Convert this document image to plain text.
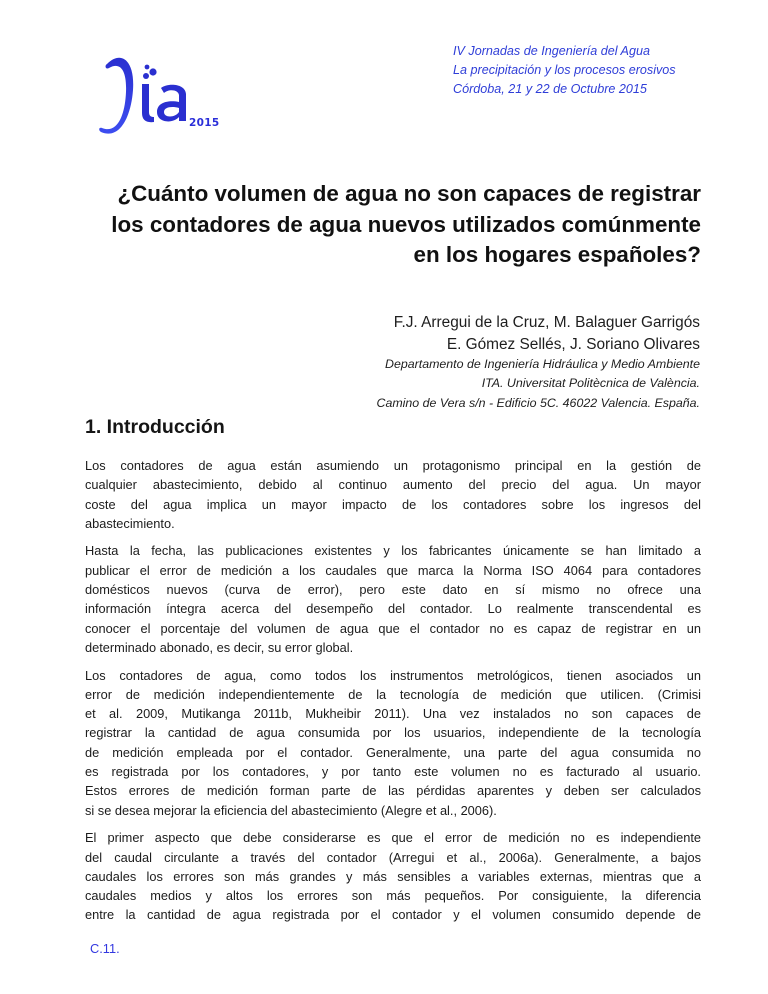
2015
IV Jornadas de Ingeniería del Agua
La precipitación y los procesos erosivos
Córdoba, 21 y 22 de Octubre 2015
¿Cuánto volumen de agua no son capaces de registrar
los contadores de agua nuevos utilizados comúnmente
en los hogares españoles?
F.J. Arregui de la Cruz, M. Balaguer Garrigós
E. Gómez Sellés, J. Soriano Olivares
Departamento de Ingeniería Hidráulica y Medio Ambiente
ITA. Universitat Politècnica de València.
Camino de Vera s/n - Edificio 5C. 46022 Valencia. España.
1. Introducción

Los contadores de agua están asumiendo un protagonismo principal en la gestión de
cualquier abastecimiento, debido al continuo aumento del precio del agua. Un mayor
coste del agua implica un mayor impacto de los contadores sobre los ingresos del
abastecimiento.

Hasta la fecha, las publicaciones existentes y los fabricantes únicamente se han limitado a
publicar el error de medición a los caudales que marca la Norma ISO 4064 para contadores
domésticos nuevos (curva de error), pero este dato en sí mismo no ofrece una
información íntegra acerca del desempeño del contador. Lo realmente transcendental es
conocer el porcentaje del volumen de agua que el contador no es capaz de registrar en un
determinado abonado, es decir, su error global.

Los contadores de agua, como todos los instrumentos metrológicos, tienen asociados un
error de medición independientemente de la tecnología de medición que utilicen. (Crimisi
et al. 2009, Mutikanga 2011b, Mukheibir 2011). Una vez instalados no son capaces de
registrar la cantidad de agua consumida por los usuarios, independiente de la tecnología
de medición empleada por el contador. Generalmente, una parte del agua consumida no
es registrada por los contadores, y por tanto este volumen no es facturado al usuario.
Estos errores de medición forman parte de las pérdidas aparentes y deben ser calculados
si se desea mejorar la eficiencia del abastecimiento (Alegre et al., 2006).

El primer aspecto que debe considerarse es que el error de medición no es independiente
del caudal circulante a través del contador (Arregui et al., 2006a). Generalmente, a bajos
caudales los errores son más grandes y más sensibles a variables externas, mientras que a
caudales medios y altos los errores son más pequeños. Por consiguiente, la diferencia
entre la cantidad de agua registrada por el contador y el volumen consumido depende de

C.11.
